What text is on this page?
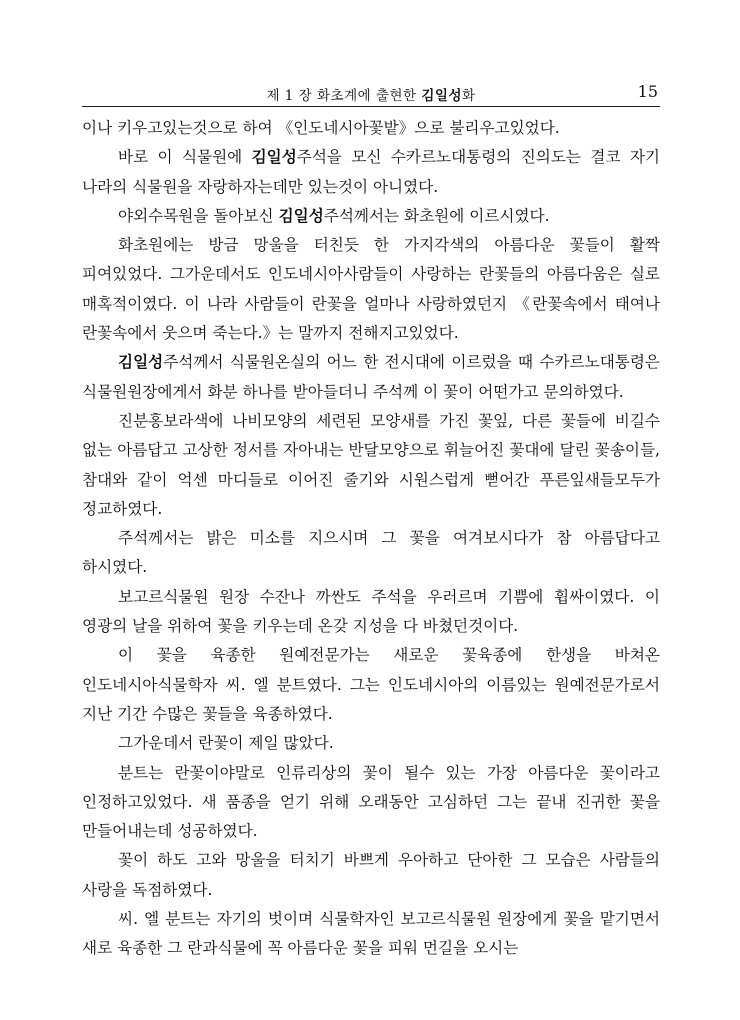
제 1 장 화초계에 출현한 김일성화	15

이나 키우고있는것으로 하여 《인도네시아꽃밭》으로 불리우고있었다.

바로 이 식물원에 김일성주석을 모신 수카르노대통령의 진의도는 결코 자기 나라의 식물원을 자랑하자는데만 있는것이 아니였다.

야외수목원을 돌아보신 김일성주석께서는 화초원에 이르시였다.

화초원에는 방금 망울을 터친듯 한 가지각색의 아름다운 꽃들이 활짝 피여있었다. 그가운데서도 인도네시아사람들이 사랑하는 란꽃들의 아름다움은 실로 매혹적이였다. 이 나라 사람들이 란꽃을 얼마나 사랑하였던지 《란꽃속에서 태여나 란꽃속에서 웃으며 죽는다.》는 말까지 전해지고있었다.

김일성주석께서 식물원온실의 어느 한 전시대에 이르렀을 때 수카르노대통령은 식물원원장에게서 화분 하나를 받아들더니 주석께 이 꽃이 어떤가고 문의하였다.

진분홍보라색에 나비모양의 세련된 모양새를 가진 꽃잎, 다른 꽃들에 비길수 없는 아름답고 고상한 정서를 자아내는 반달모양으로 휘늘어진 꽃대에 달린 꽃송이들, 참대와 같이 억센 마디들로 이어진 줄기와 시원스럽게 뻗어간 푸른잎새들모두가 정교하였다.

주석께서는 밝은 미소를 지으시며 그 꽃을 여겨보시다가 참 아름답다고 하시였다.

보고르식물원 원장 수잔나 까싼도 주석을 우러르며 기쁨에 휩싸이였다. 이 영광의 날을 위하여 꽃을 키우는데 온갖 지성을 다 바쳤던것이다.

이 꽃을 육종한 원예전문가는 새로운 꽃육종에 한생을 바쳐온 인도네시아식물학자 씨. 엘 분트였다. 그는 인도네시아의 이름있는 원예전문가로서 지난 기간 수많은 꽃들을 육종하였다.

그가운데서 란꽃이 제일 많았다.

분트는 란꽃이야말로 인류리상의 꽃이 될수 있는 가장 아름다운 꽃이라고 인정하고있었다. 새 품종을 얻기 위해 오래동안 고심하던 그는 끝내 진귀한 꽃을 만들어내는데 성공하였다.

꽃이 하도 고와 망울을 터치기 바쁘게 우아하고 단아한 그 모습은 사람들의 사랑을 독점하였다.

씨. 엘 분트는 자기의 벗이며 식물학자인 보고르식물원 원장에게 꽃을 맡기면서 새로 육종한 그 란과식물에 꼭 아름다운 꽃을 피워 먼길을 오시는
